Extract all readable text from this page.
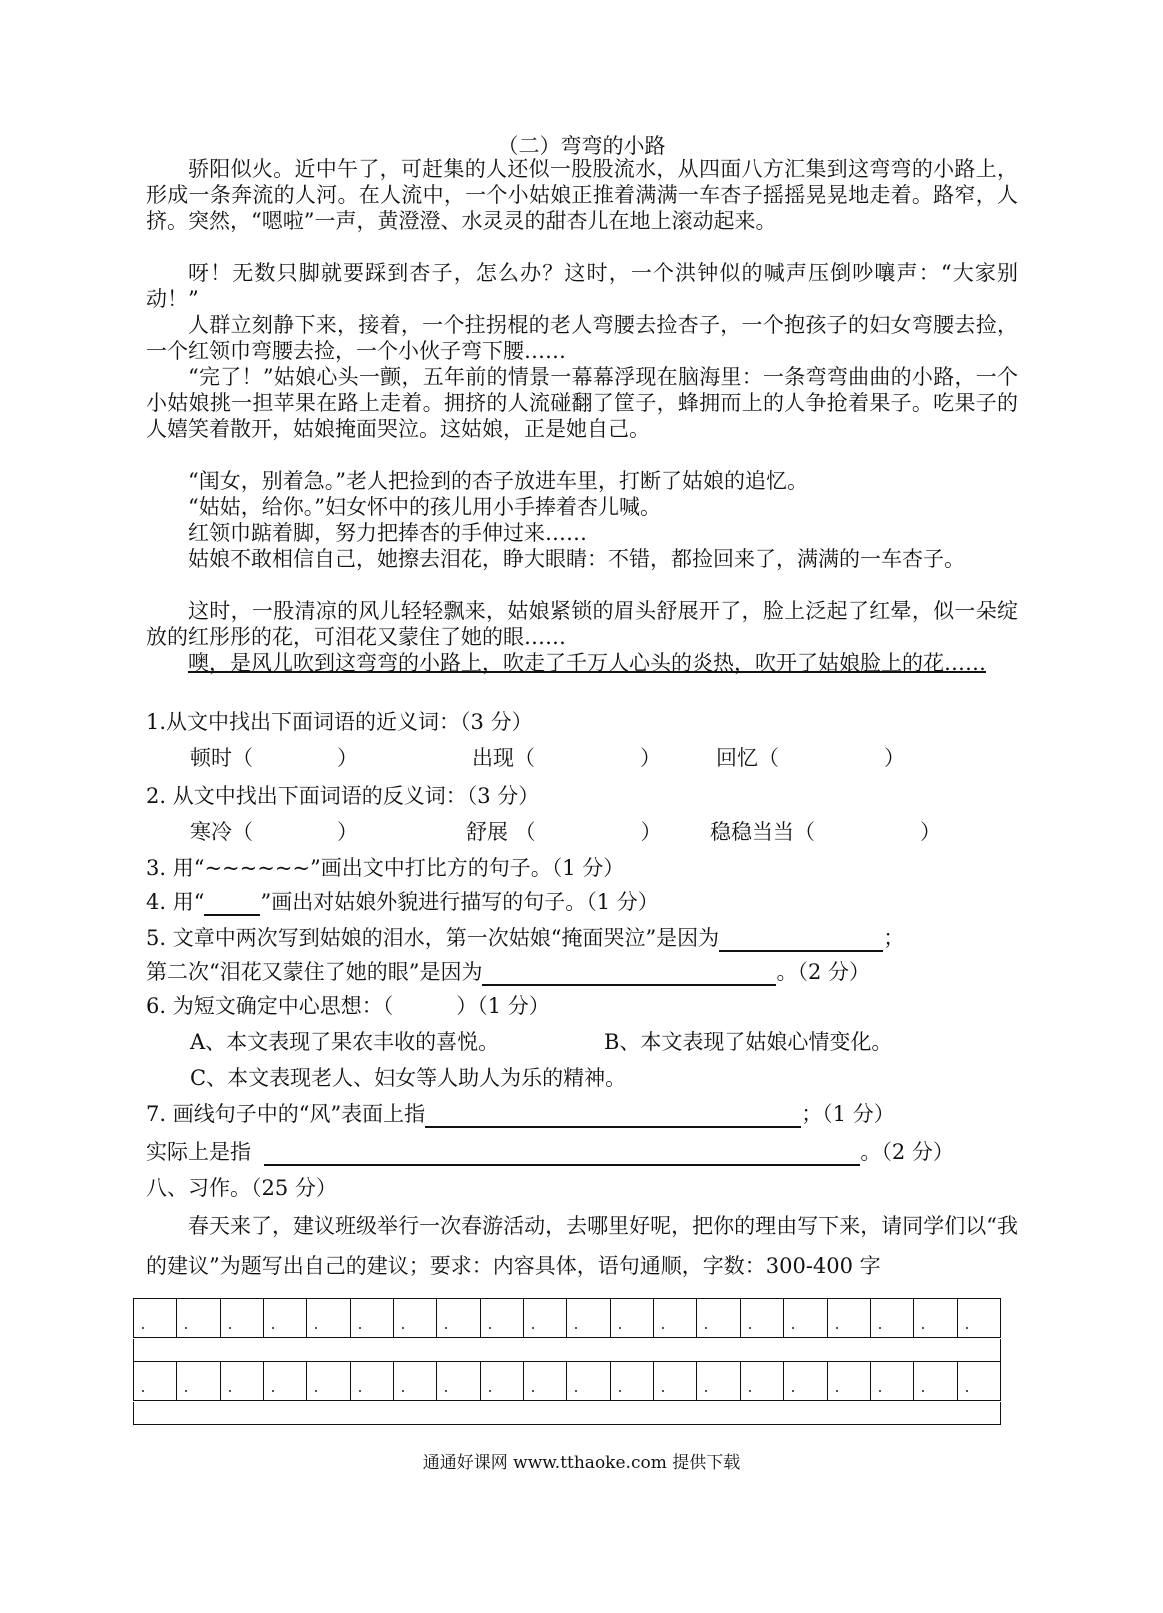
（二）弯弯的小路
骄阳似火。近中午了，可赶集的人还似一股股流水，从四面八方汇集到这弯弯的小路上，形成一条奔流的人河。在人流中，一个小姑娘正推着满满一车杏子摇摇晃晃地走着。路窄，人挤。突然，“嗯啦”一声，黄澄澄、水灵灵的甜杏儿在地上滚动起来。
呀！无数只脚就要踩到杏子，怎么办？这时，一个洪钟似的喊声压倒吵嚷声：“大家别动！”
人群立刻静下来，接着，一个拄拐棍的老人弯腰去捡杏子，一个抱孩子的妇女弯腰去捡，一个红领巾弯腰去捡，一个小伙子弯下腰……
“完了！”姑娘心头一颤，五年前的情景一幕幕浮现在脑海里：一条弯弯曲曲的小路，一个小姑娘挑一担苹果在路上走着。拥挤的人流碰翻了筐子，蜂拥而上的人争抢着果子。吃果子的人嬉笑着散开，姑娘掩面哭泣。这姑娘，正是她自己。
“闺女，别着急。”老人把捡到的杏子放进车里，打断了姑娘的追忆。
“姑姑，给你。”妇女怀中的孩儿用小手捧着杏儿喊。
红领巾踮着脚，努力把捧杏的手伸过来……
姑娘不敢相信自己，她擦去泪花，睁大眼睛：不错，都捡回来了，满满的一车杏子。
这时，一股清凉的风儿轻轻飘来，姑娘紧锁的眉头舒展开了，脸上泛起了红晕，似一朵绽放的红彤彤的花，可泪花又蒙住了她的眼……
噢，是风儿吹到这弯弯的小路上，吹走了千万人心头的炎热，吹开了姑娘脸上的花……
1.从文中找出下面词语的近义词：（3 分）
顿时（　　　　）	出现（　　　　　）	回忆（　　　　　）
2. 从文中找出下面词语的反义词：（3 分）
寒冷（　　　　）	舒展 （　　　　　） 稳稳当当（　　　　　）
3. 用“~~~~~~”画出文中打比方的句子。（1 分）
4. 用“	”画出对姑娘外貌进行描写的句子。（1 分）
5. 文章中两次写到姑娘的泪水，第一次姑娘“掩面哭泣”是因为	；
第二次“泪花又蒙住了她的眼”是因为	。（2 分）
6. 为短文确定中心思想：（　　　）（1 分）
A、本文表现了果农丰收的喜悦。	B、本文表现了姑娘心情变化。
C、本文表现老人、妇女等人助人为乐的精神。
7. 画线句子中的“风”表面上指	；（1 分）
实际上是指	。（2 分）
八、习作。（25 分）
春天来了，建议班级举行一次春游活动，去哪里好呢，把你的理由写下来，请同学们以“我的建议”为题写出自己的建议；要求：内容具体，语句通顺，字数：300-400 字

通通好课网 www.tthaoke.com 提供下载
